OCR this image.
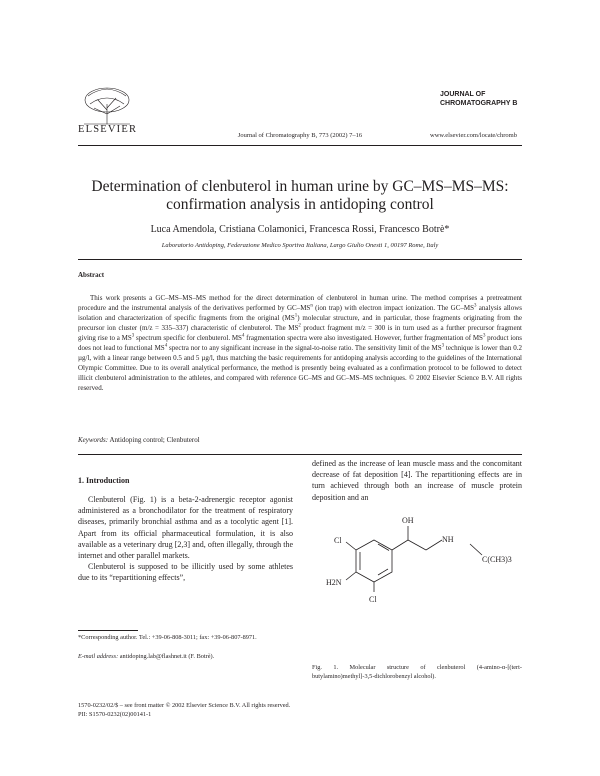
ELSEVIER
Journal of Chromatography B, 773 (2002) 7–16
JOURNAL OF
CHROMATOGRAPHY B
www.elsevier.com/locate/chromb
Determination of clenbuterol in human urine by GC–MS–MS–MS:
confirmation analysis in antidoping control
Luca Amendola, Cristiana Colamonici, Francesca Rossi, Francesco Botrè*
Laboratorio Antidoping, Federazione Medico Sportiva Italiana, Largo Giulio Onesti 1, 00197 Rome, Italy
Abstract
This work presents a GC–MS–MS–MS method for the direct determination of clenbuterol in human urine. The method comprises a pretreatment procedure and the instrumental analysis of the derivatives performed by $GC-MS^n$ (ion trap) with electron impact ionization. The $GC-MS^3$ analysis allows isolation and characterization of specific fragments from the original $(MS^1)$ molecular structure, and in particular, those fragments originating from the precursor ion cluster (m/z = 335–337) characteristic of clenbuterol. The $MS^2$ product fragment m/z = 300 is in turn used as a further precursor fragment giving rise to a $MS^3$ spectrum specific for clenbuterol. $MS^4$ fragmentation spectra were also investigated. However, further fragmentation of $MS^3$ product ions does not lead to functional $MS^4$ spectra nor to any significant increase in the signal-to-noise ratio. The sensitivity limit of the $MS^3$ technique is lower than 0.2 µg/l, with a linear range between 0.5 and 5 µg/l, thus matching the basic requirements for antidoping analysis according to the guidelines of the International Olympic Committee. Due to its overall analytical performance, the method is presently being evaluated as a confirmation protocol to be followed to detect illicit clenbuterol administration to the athletes, and compared with reference GC–MS and GC–MS–MS techniques. © 2002 Elsevier Science B.V. All rights reserved.
Keywords: Antidoping control; Clenbuterol
1. Introduction

Clenbuterol (Fig. 1) is a beta-2-adrenergic receptor agonist administered as a bronchodilator for the treatment of respiratory diseases, primarily bronchial asthma and as a tocolytic agent [1]. Apart from its official pharmaceutical formulation, it is also available as a veterinary drug [2,3] and, often illegally, through the internet and other parallel markets.

Clenbuterol is supposed to be illicitly used by some athletes due to its “repartitioning effects”,

defined as the increase of lean muscle mass and the concomitant decrease of fat deposition [4]. The repartitioning effects are in turn achieved through both an increase of muscle protein deposition and an
OH
Cl	NH
C(CH3)3
H2N
Cl
Fig. 1. Molecular structure of clenbuterol (4-amino-α-[(tert-butylamino)methyl]-3,5-dichlorobenzyl alcohol).
*Corresponding author. Tel.: +39-06-808-3011; fax: +39-06-807-8971.
E-mail address: antidoping.lab@flashnet.it (F. Botrè).
1570-0232/02/$ – see front matter © 2002 Elsevier Science B.V. All rights reserved.
PII: S1570-0232(02)00141-1
